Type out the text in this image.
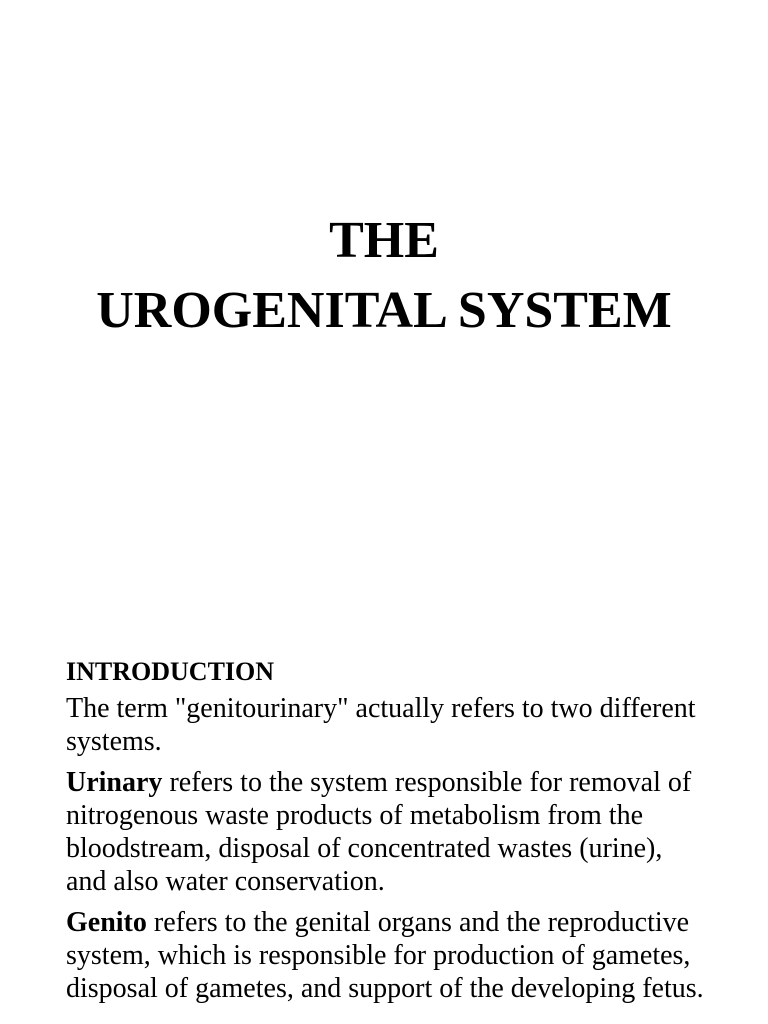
THE
UROGENITAL SYSTEM
INTRODUCTION

The term "genitourinary" actually refers to two different systems.

Urinary refers to the system responsible for removal of nitrogenous waste products of metabolism from the bloodstream, disposal of concentrated wastes (urine), and also water conservation.

Genito refers to the genital organs and the reproductive system, which is responsible for production of gametes, disposal of gametes, and support of the developing fetus.
